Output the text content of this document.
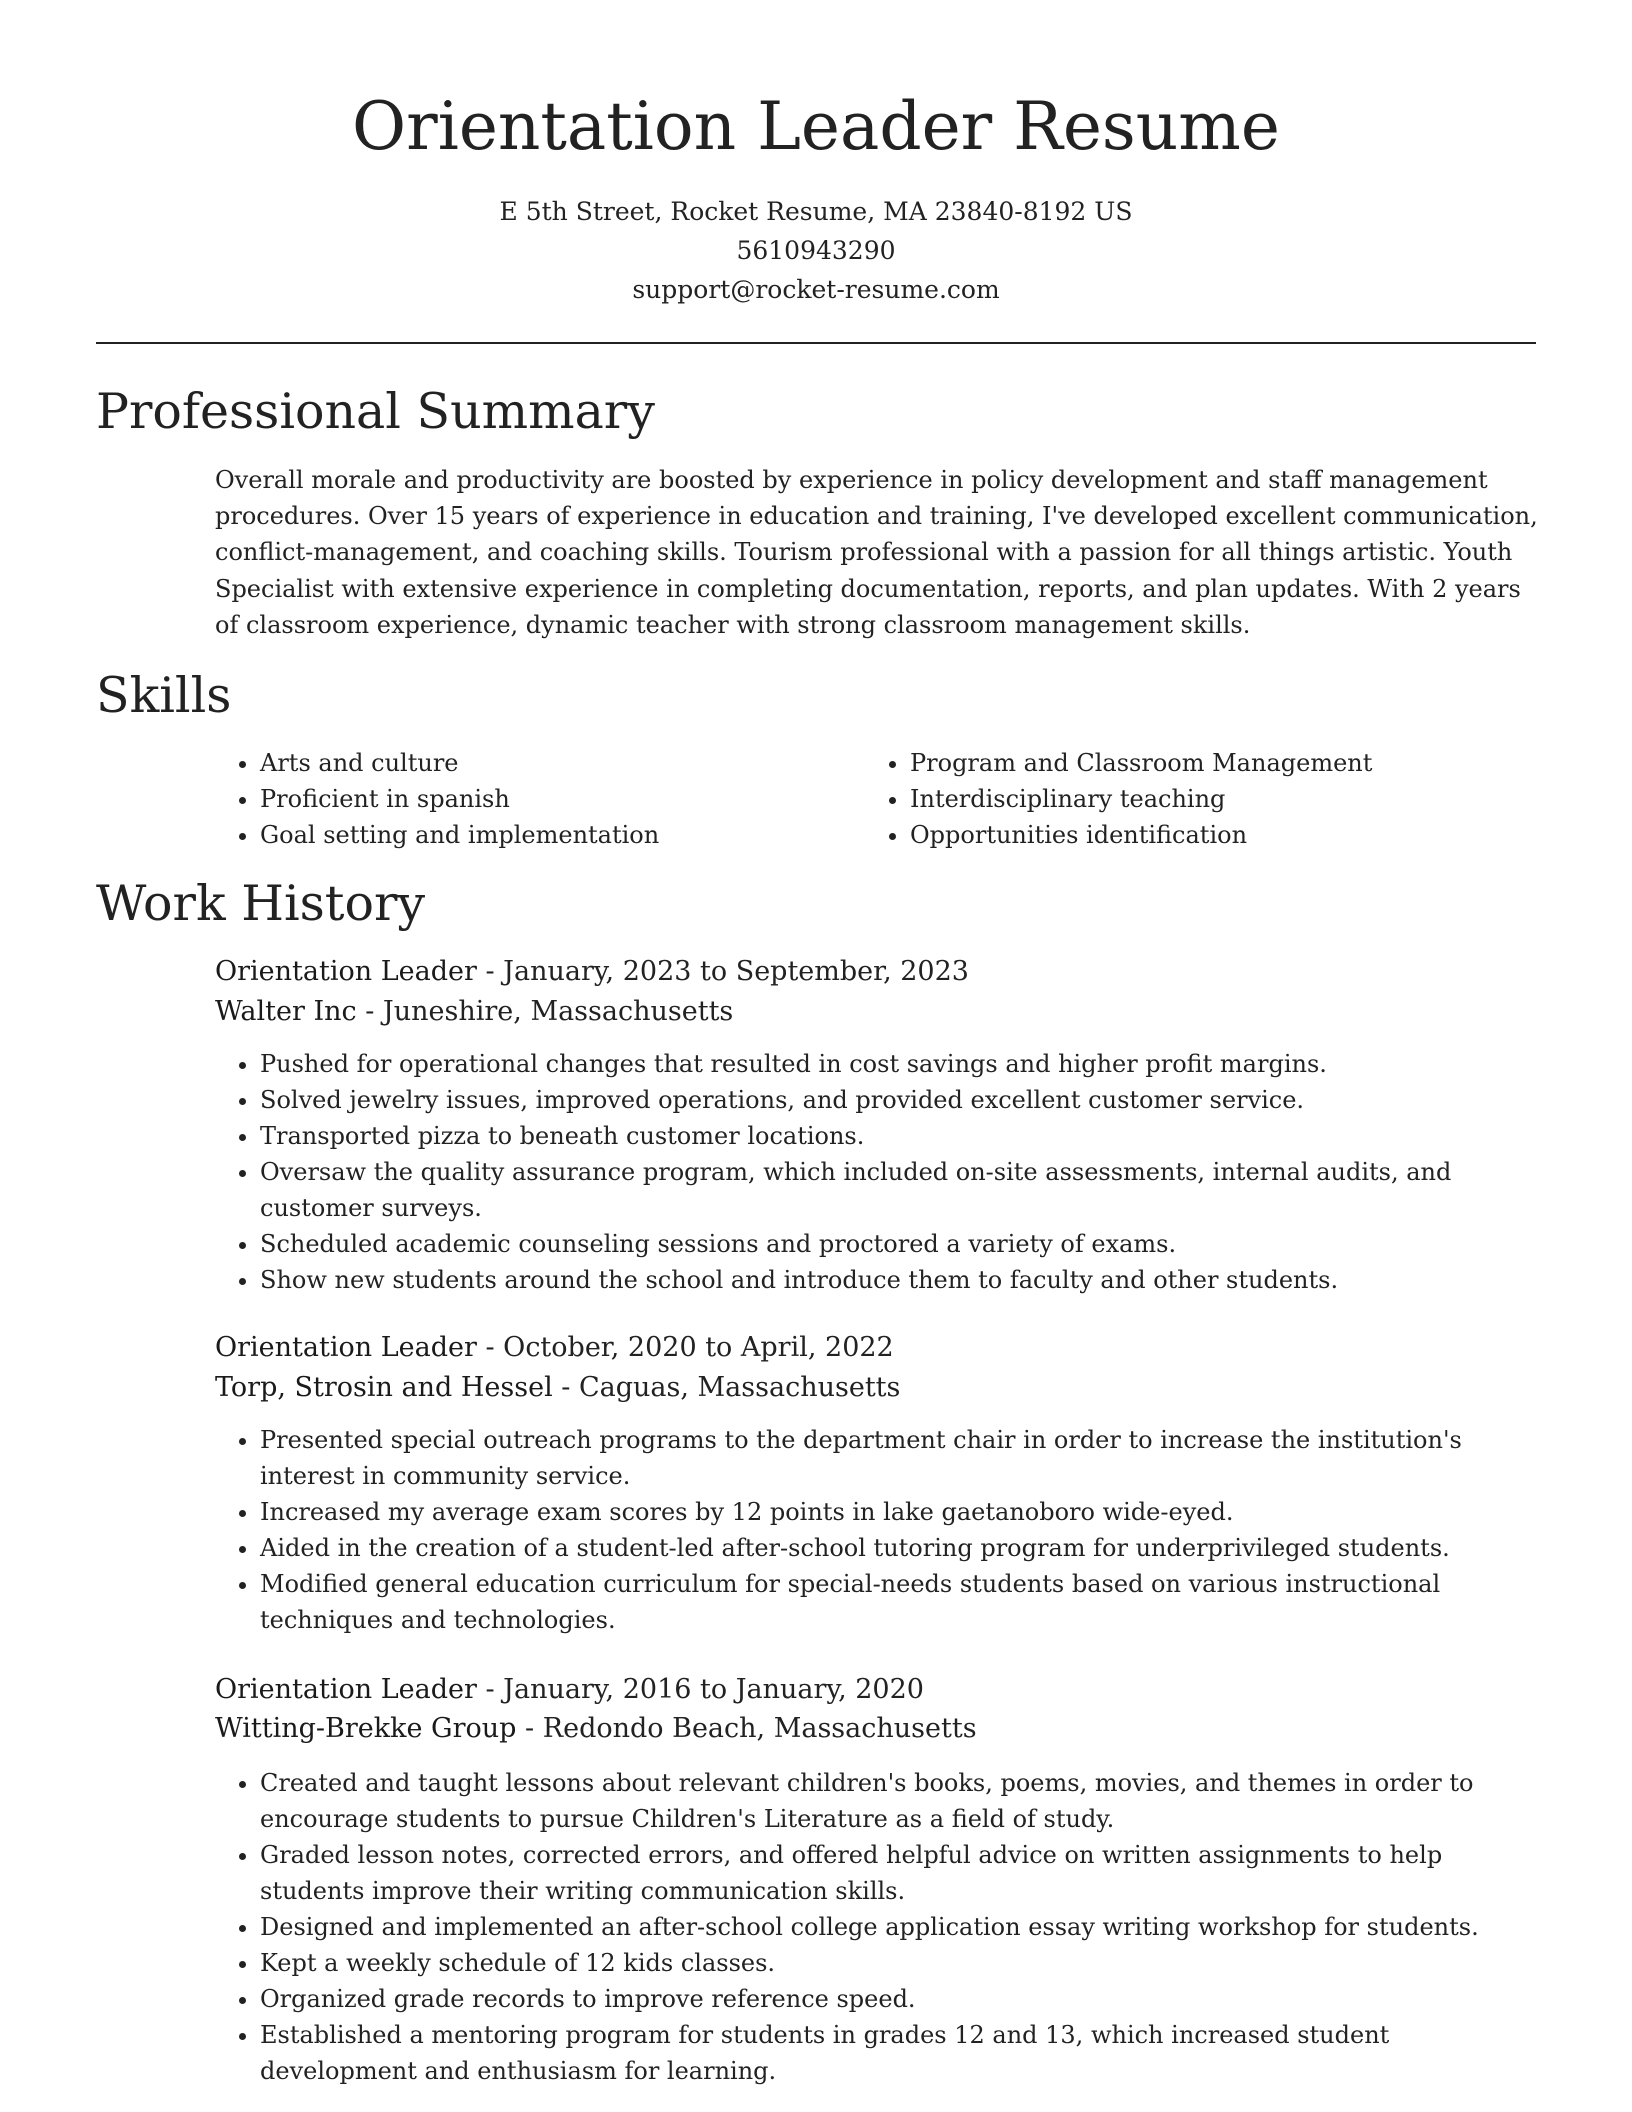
Orientation Leader Resume
E 5th Street, Rocket Resume, MA 23840-8192 US
5610943290
support@rocket-resume.com
Professional Summary

Overall morale and productivity are boosted by experience in policy development and staff management procedures. Over 15 years of experience in education and training, I've developed excellent communication, conflict-management, and coaching skills. Tourism professional with a passion for all things artistic. Youth Specialist with extensive experience in completing documentation, reports, and plan updates. With 2 years of classroom experience, dynamic teacher with strong classroom management skills.

Skills
• Arts and culture
• Proficient in spanish
• Goal setting and implementation
• Program and Classroom Management
• Interdisciplinary teaching
• Opportunities identification
Work History
Orientation Leader - January, 2023 to September, 2023
Walter Inc - Juneshire, Massachusetts
• Pushed for operational changes that resulted in cost savings and higher profit margins.
• Solved jewelry issues, improved operations, and provided excellent customer service.
• Transported pizza to beneath customer locations.
• Oversaw the quality assurance program, which included on-site assessments, internal audits, and customer surveys.
• Scheduled academic counseling sessions and proctored a variety of exams.
• Show new students around the school and introduce them to faculty and other students.
Orientation Leader - October, 2020 to April, 2022
Torp, Strosin and Hessel - Caguas, Massachusetts
• Presented special outreach programs to the department chair in order to increase the institution's interest in community service.
• Increased my average exam scores by 12 points in lake gaetanoboro wide-eyed.
• Aided in the creation of a student-led after-school tutoring program for underprivileged students.
• Modified general education curriculum for special-needs students based on various instructional techniques and technologies.
Orientation Leader - January, 2016 to January, 2020
Witting-Brekke Group - Redondo Beach, Massachusetts
• Created and taught lessons about relevant children's books, poems, movies, and themes in order to encourage students to pursue Children's Literature as a field of study.
• Graded lesson notes, corrected errors, and offered helpful advice on written assignments to help students improve their writing communication skills.
• Designed and implemented an after-school college application essay writing workshop for students.
• Kept a weekly schedule of 12 kids classes.
• Organized grade records to improve reference speed.
• Established a mentoring program for students in grades 12 and 13, which increased student development and enthusiasm for learning.
